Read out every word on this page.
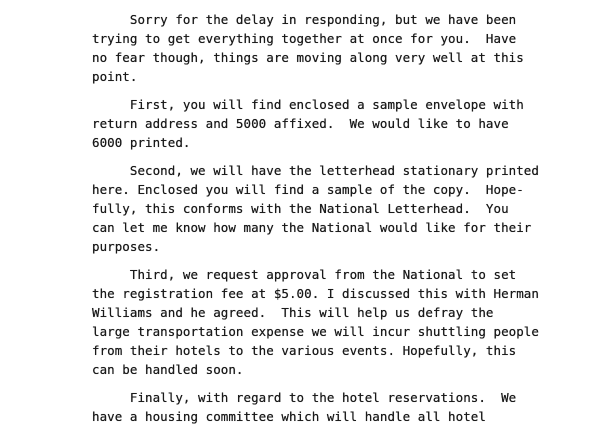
Sorry for the delay in responding, but we have been
trying to get everything together at once for you.  Have
no fear though, things are moving along very well at this
point.

First, you will find enclosed a sample envelope with
return address and 5000 affixed.  We would like to have
6000 printed.

Second, we will have the letterhead stationary printed
here. Enclosed you will find a sample of the copy.  Hope-
fully, this conforms with the National Letterhead.  You
can let me know how many the National would like for their
purposes.

Third, we request approval from the National to set
the registration fee at $5.00. I discussed this with Herman
Williams and he agreed.  This will help us defray the
large transportation expense we will incur shuttling people
from their hotels to the various events. Hopefully, this
can be handled soon.

Finally, with regard to the hotel reservations.  We
have a housing committee which will handle all hotel
